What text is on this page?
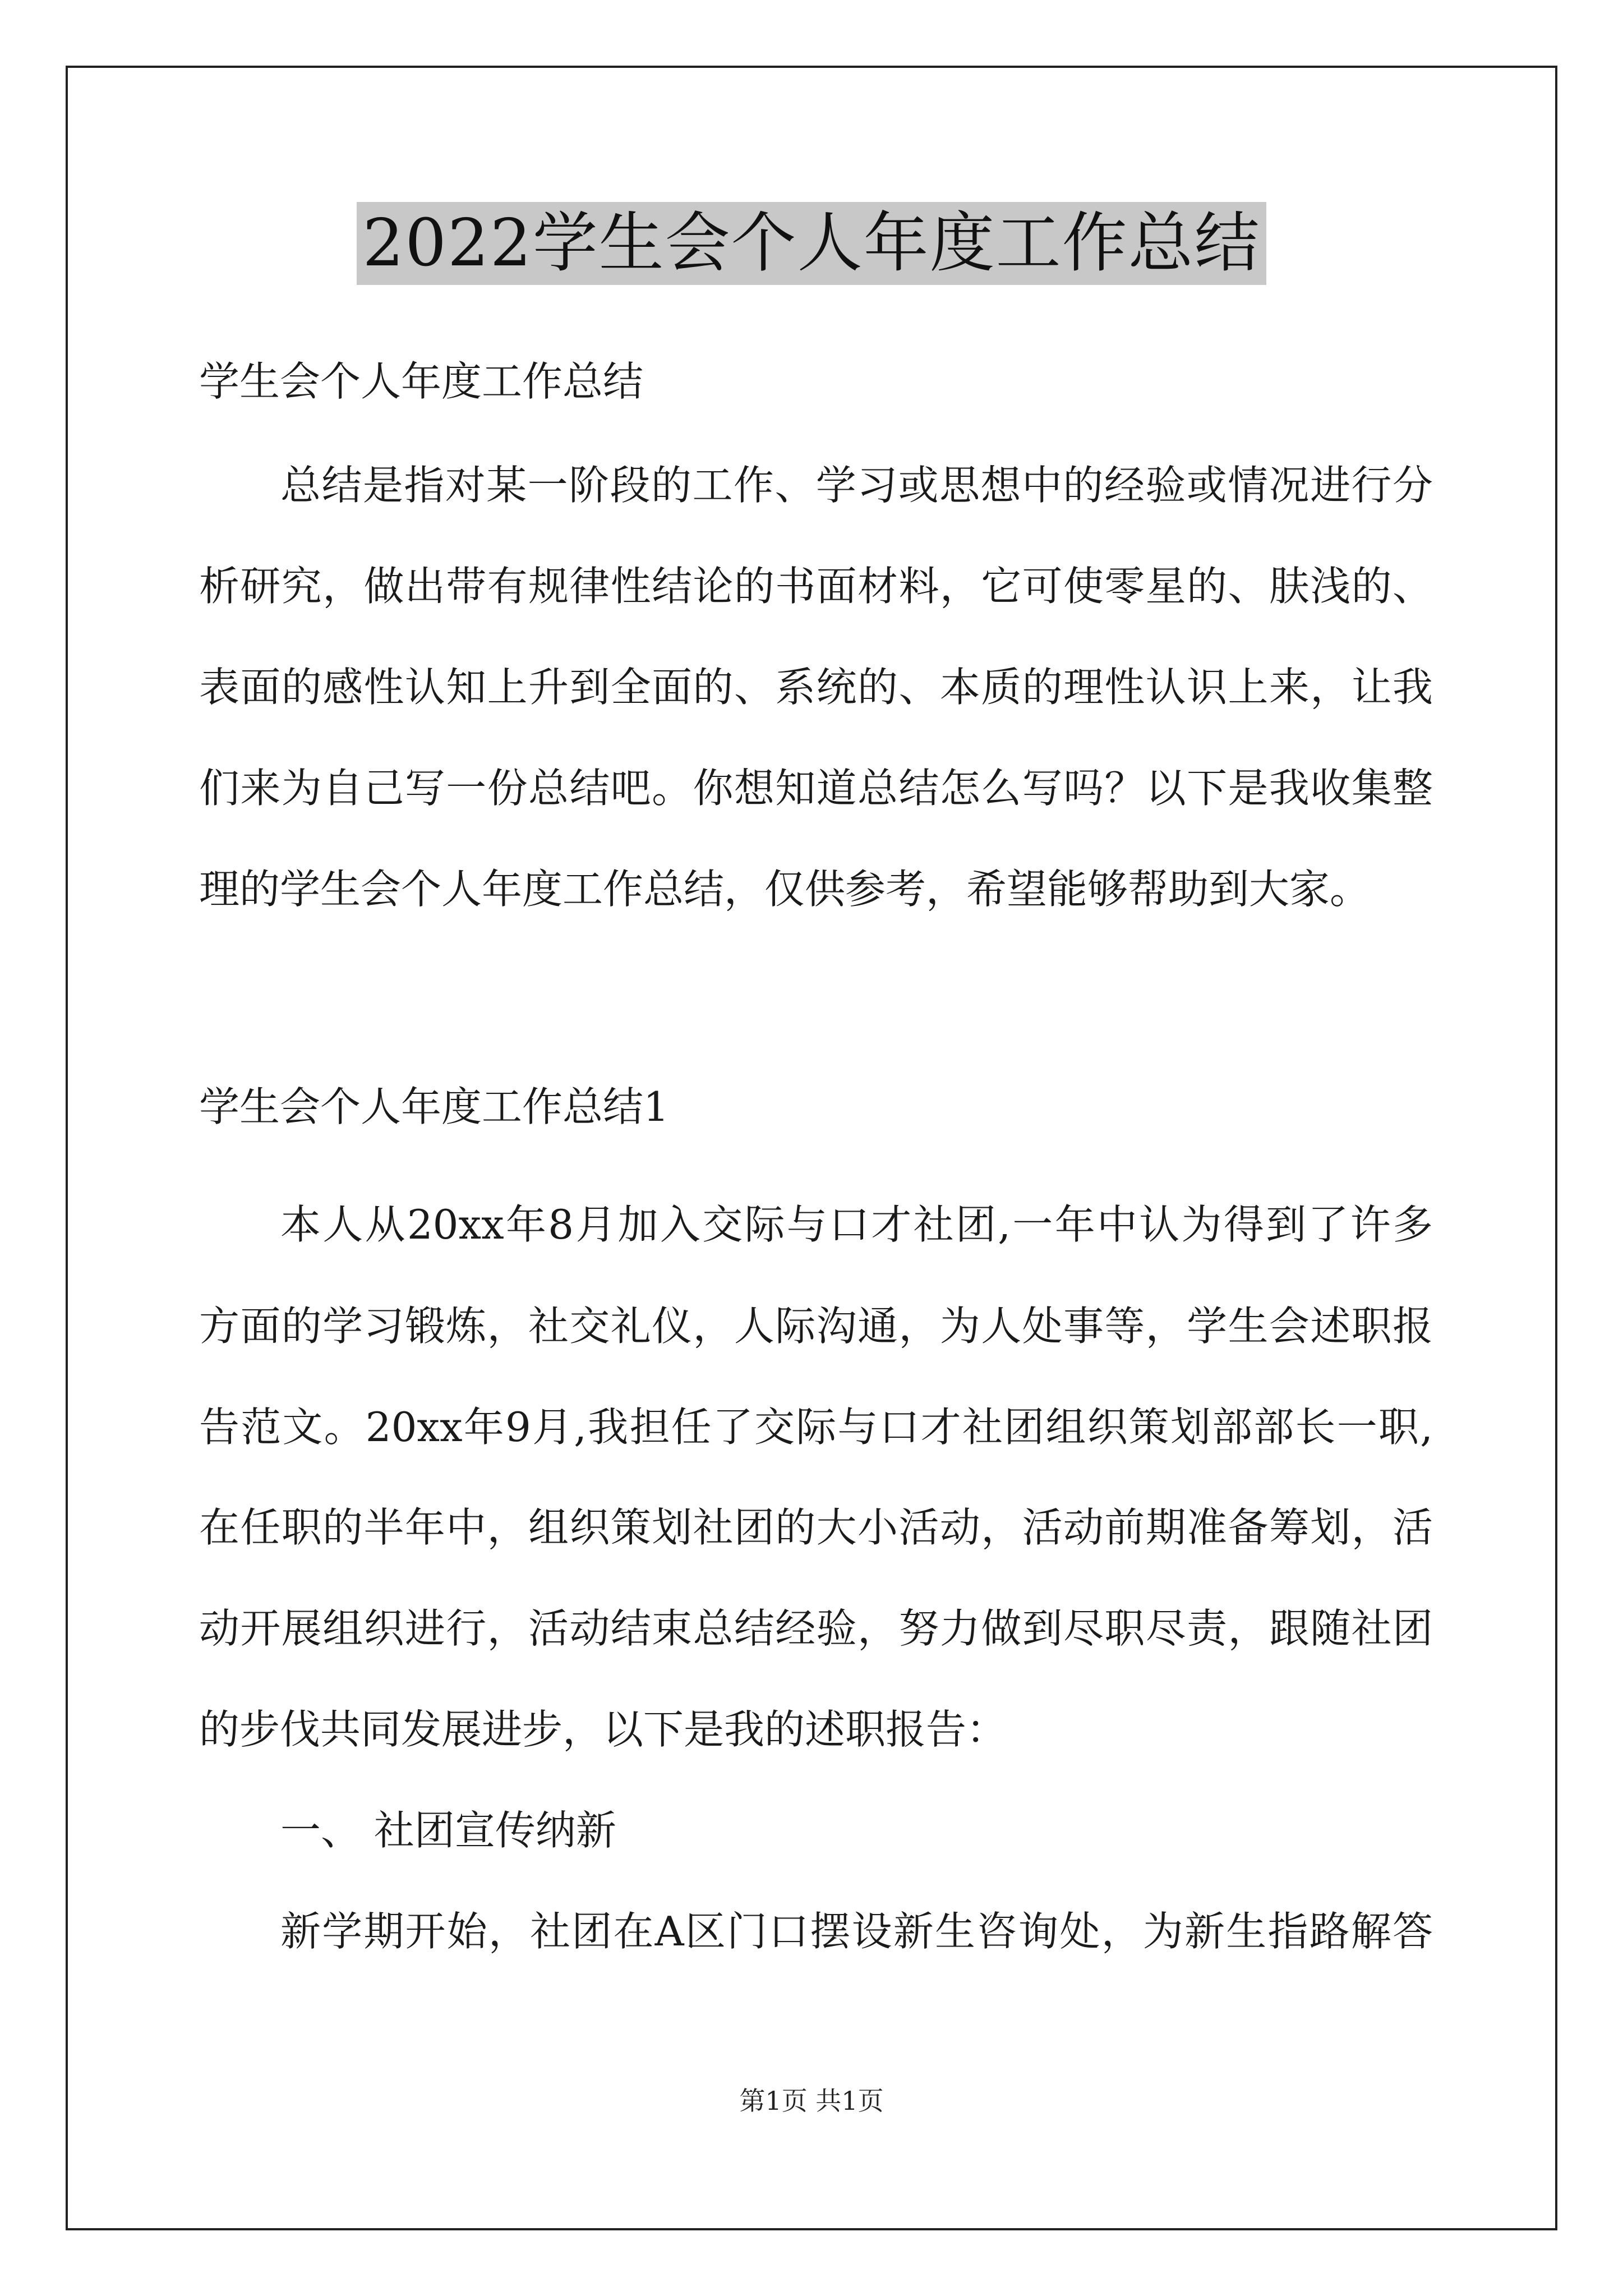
2022学生会个人年度工作总结
学生会个人年度工作总结
总结是指对某一阶段的工作、学习或思想中的经验或情况进行分
析研究，做出带有规律性结论的书面材料，它可使零星的、肤浅的、
表面的感性认知上升到全面的、系统的、本质的理性认识上来，让我
们来为自己写一份总结吧。你想知道总结怎么写吗？以下是我收集整
理的学生会个人年度工作总结，仅供参考，希望能够帮助到大家。
学生会个人年度工作总结1
本人从20xx年8月加入交际与口才社团,一年中认为得到了许多
方面的学习锻炼，社交礼仪，人际沟通，为人处事等，学生会述职报
告范文。20xx年9月,我担任了交际与口才社团组织策划部部长一职,
在任职的半年中，组织策划社团的大小活动，活动前期准备筹划，活
动开展组织进行，活动结束总结经验，努力做到尽职尽责，跟随社团
的步伐共同发展进步，以下是我的述职报告：
一、 社团宣传纳新
新学期开始，社团在A区门口摆设新生咨询处，为新生指路解答
第1页 共1页
